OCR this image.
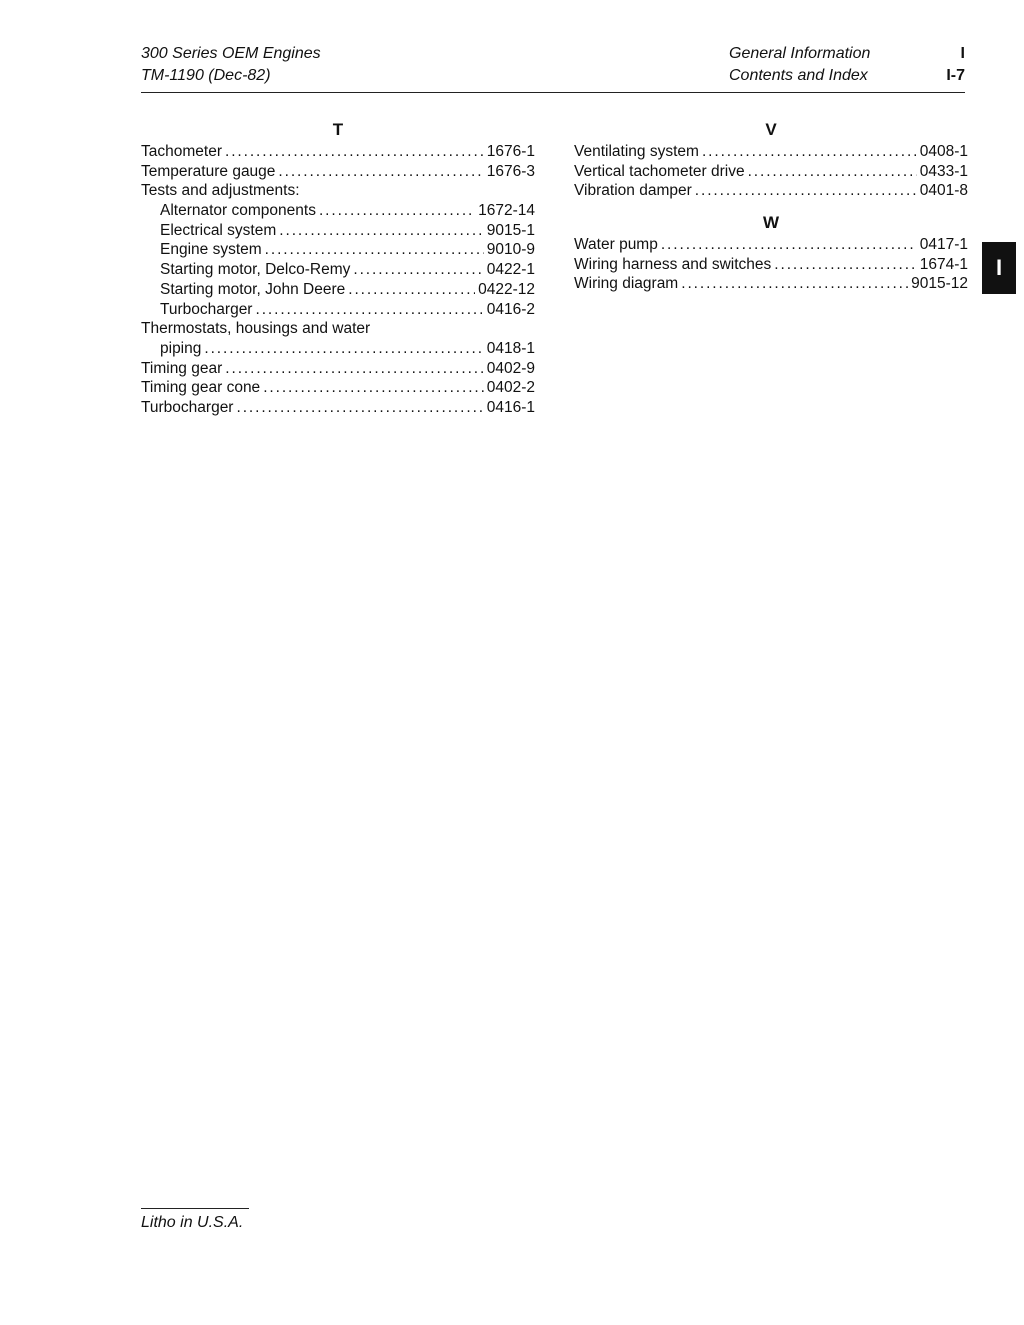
300 Series OEM Engines
TM-1190 (Dec-82)
General Information
Contents and Index
I
I-7
T
Tachometer . . .	1676-1
Temperature gauge . . .	1676-3
Tests and adjustments:
Alternator components . . .	1672-14
Electrical system . . .	9015-1
Engine system . . .	9010-9
Starting motor, Delco-Remy . . .	0422-1
Starting motor, John Deere . . .	0422-12
Turbocharger . . .	0416-2
Thermostats, housings and water
piping . . .	0418-1
Timing gear . . .	0402-9
Timing gear cone . . .	0402-2
Turbocharger . . .	0416-1
V
Ventilating system . . .	0408-1
Vertical tachometer drive . . .	0433-1
Vibration damper . . .	0401-8
W
Water pump . . .	0417-1
Wiring harness and switches . . .	1674-1
Wiring diagram . . .	9015-12
I
Litho in U.S.A.
